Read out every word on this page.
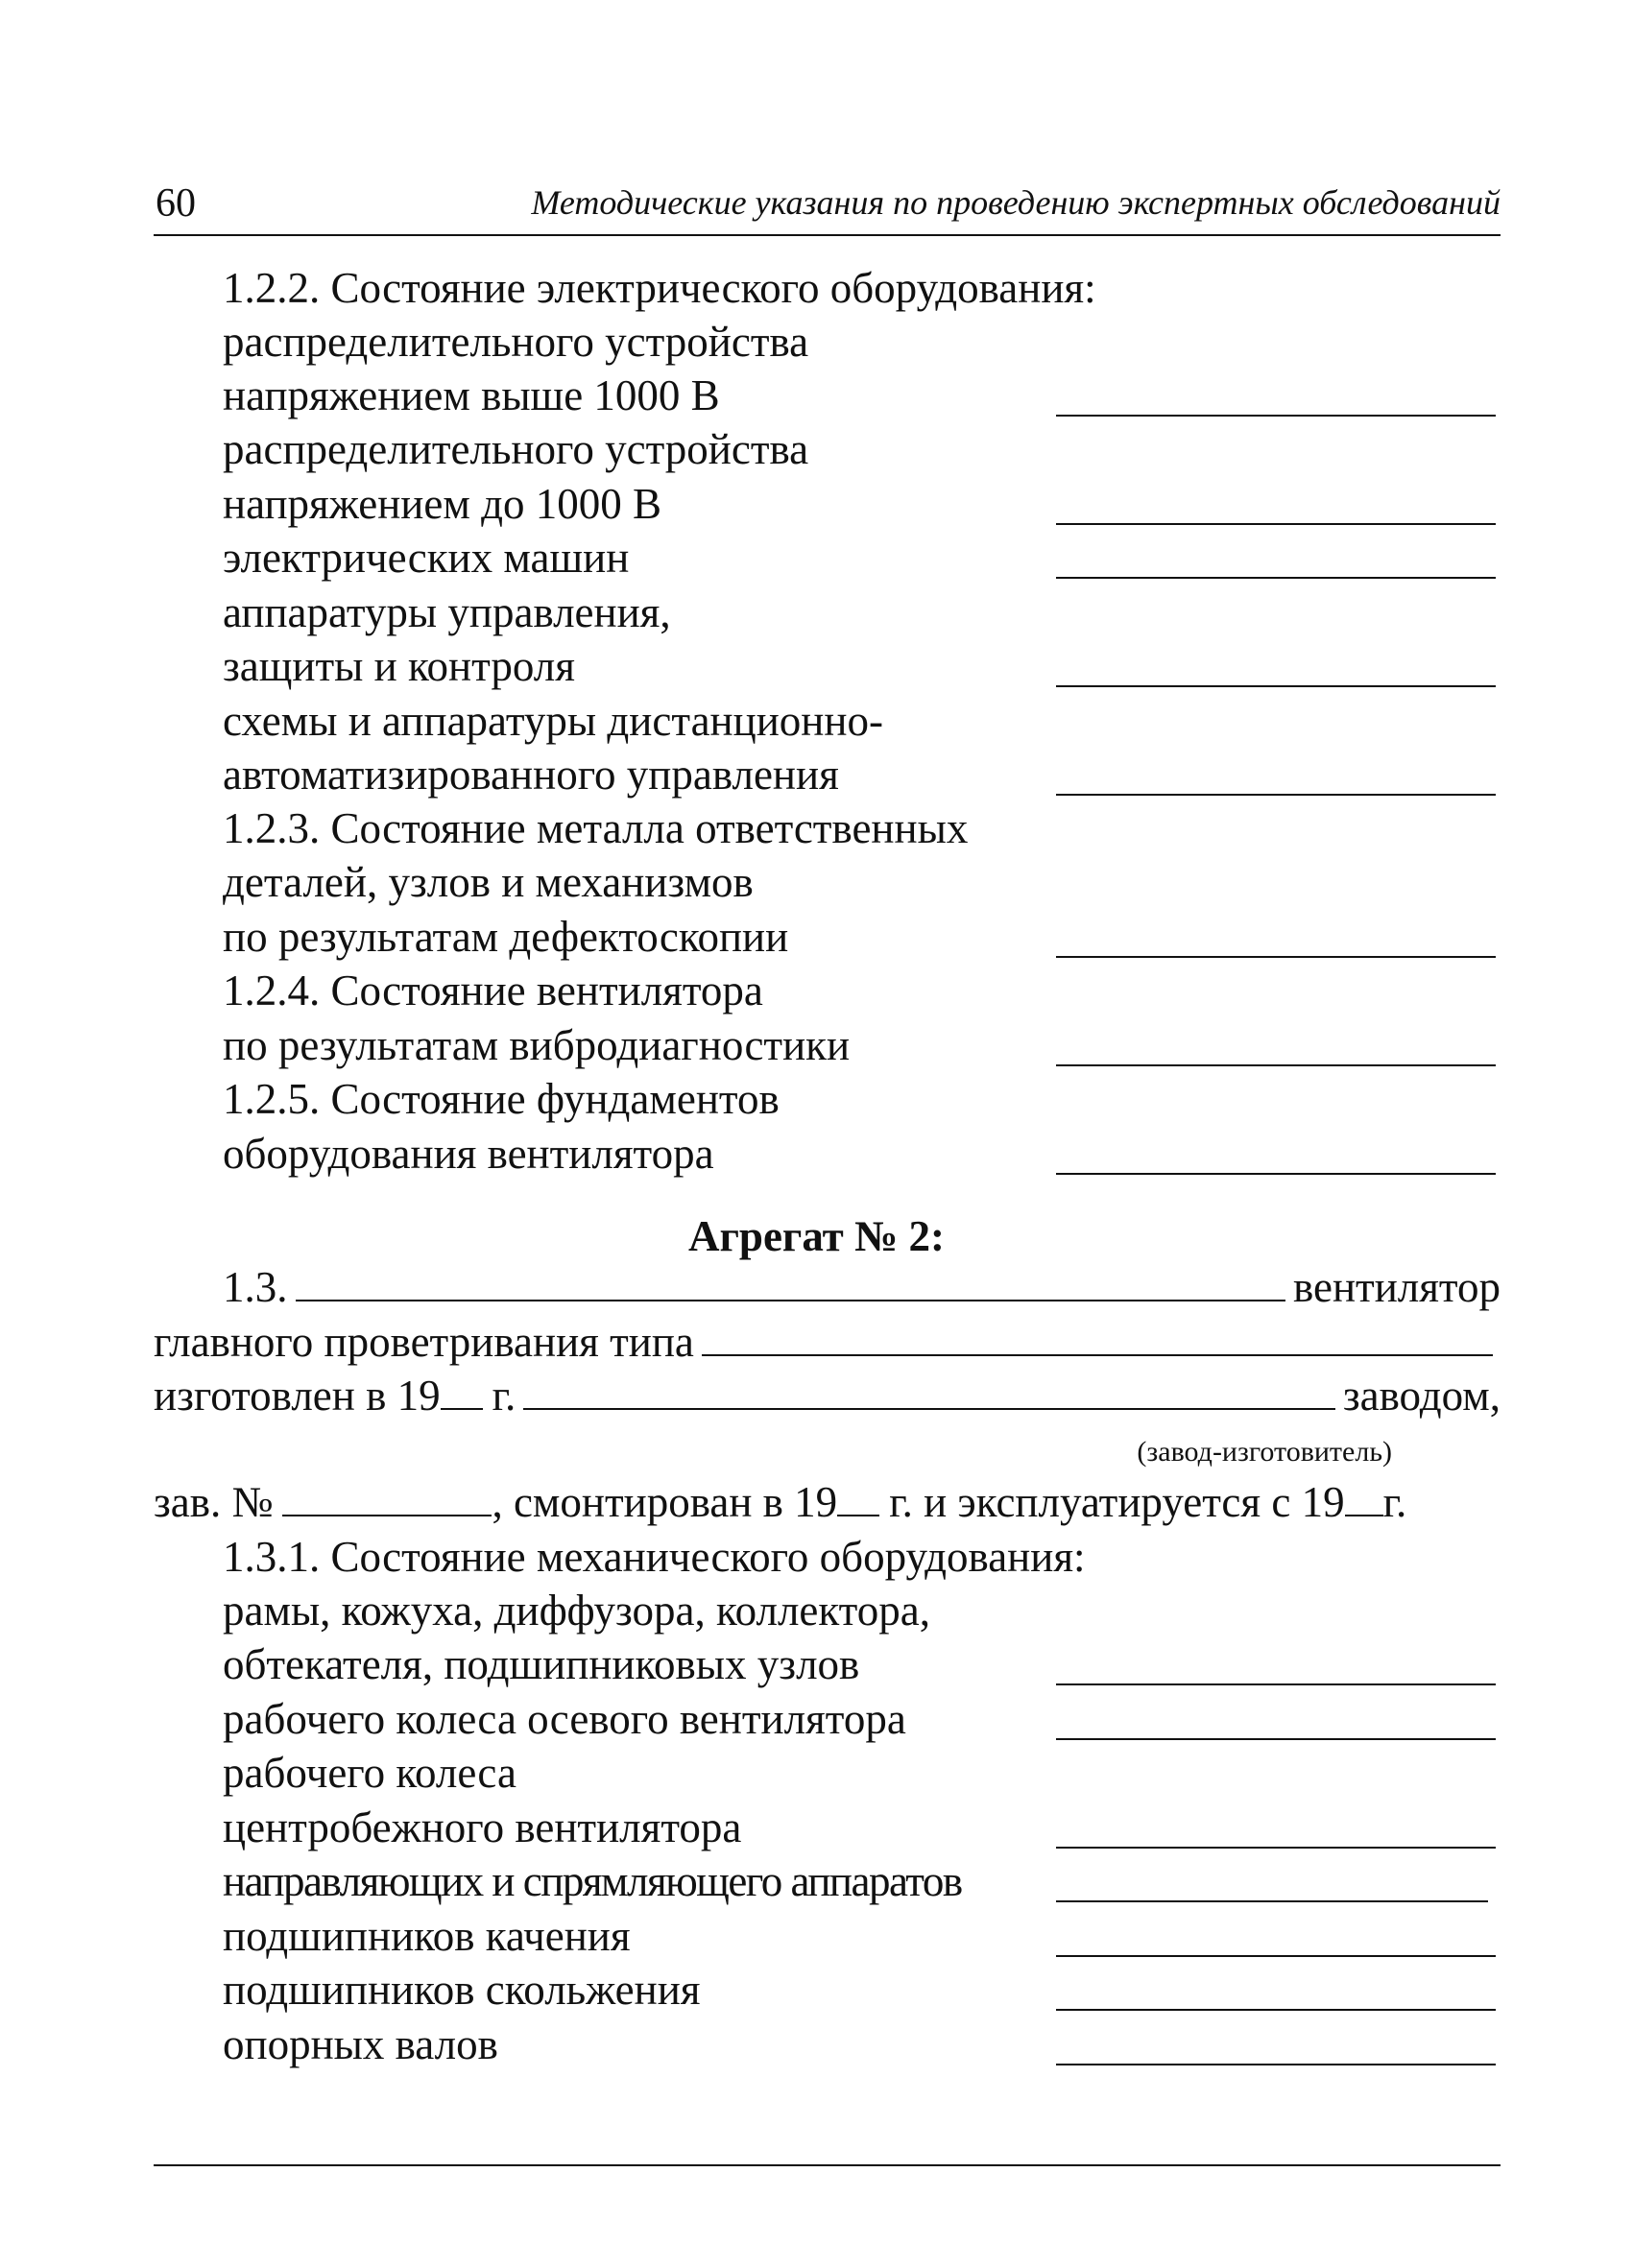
60	Методические указания по проведению экспертных обследований
1.2.2. Состояние электрического оборудования:
распределительного устройства
напряжением выше 1000 В
распределительного устройства
напряжением до 1000 В
электрических машин
аппаратуры управления,
защиты и контроля
схемы и аппаратуры дистанционно-
автоматизированного управления
1.2.3. Состояние металла ответственных
деталей, узлов и механизмов
по результатам дефектоскопии
1.2.4. Состояние вентилятора
по результатам вибродиагностики
1.2.5. Состояние фундаментов
оборудования вентилятора
Агрегат № 2:
1.3.	вентилятор
главного проветривания типа
изготовлен в 19 г.	заводом,
(завод-изготовитель)
зав. №	, смонтирован в 19 г. и эксплуатируется с 19 г.
1.3.1. Состояние механического оборудования:
рамы, кожуха, диффузора, коллектора,
обтекателя, подшипниковых узлов
рабочего колеса осевого вентилятора
рабочего колеса
центробежного вентилятора
направляющих и спрямляющего аппаратов
подшипников качения
подшипников скольжения
опорных валов
